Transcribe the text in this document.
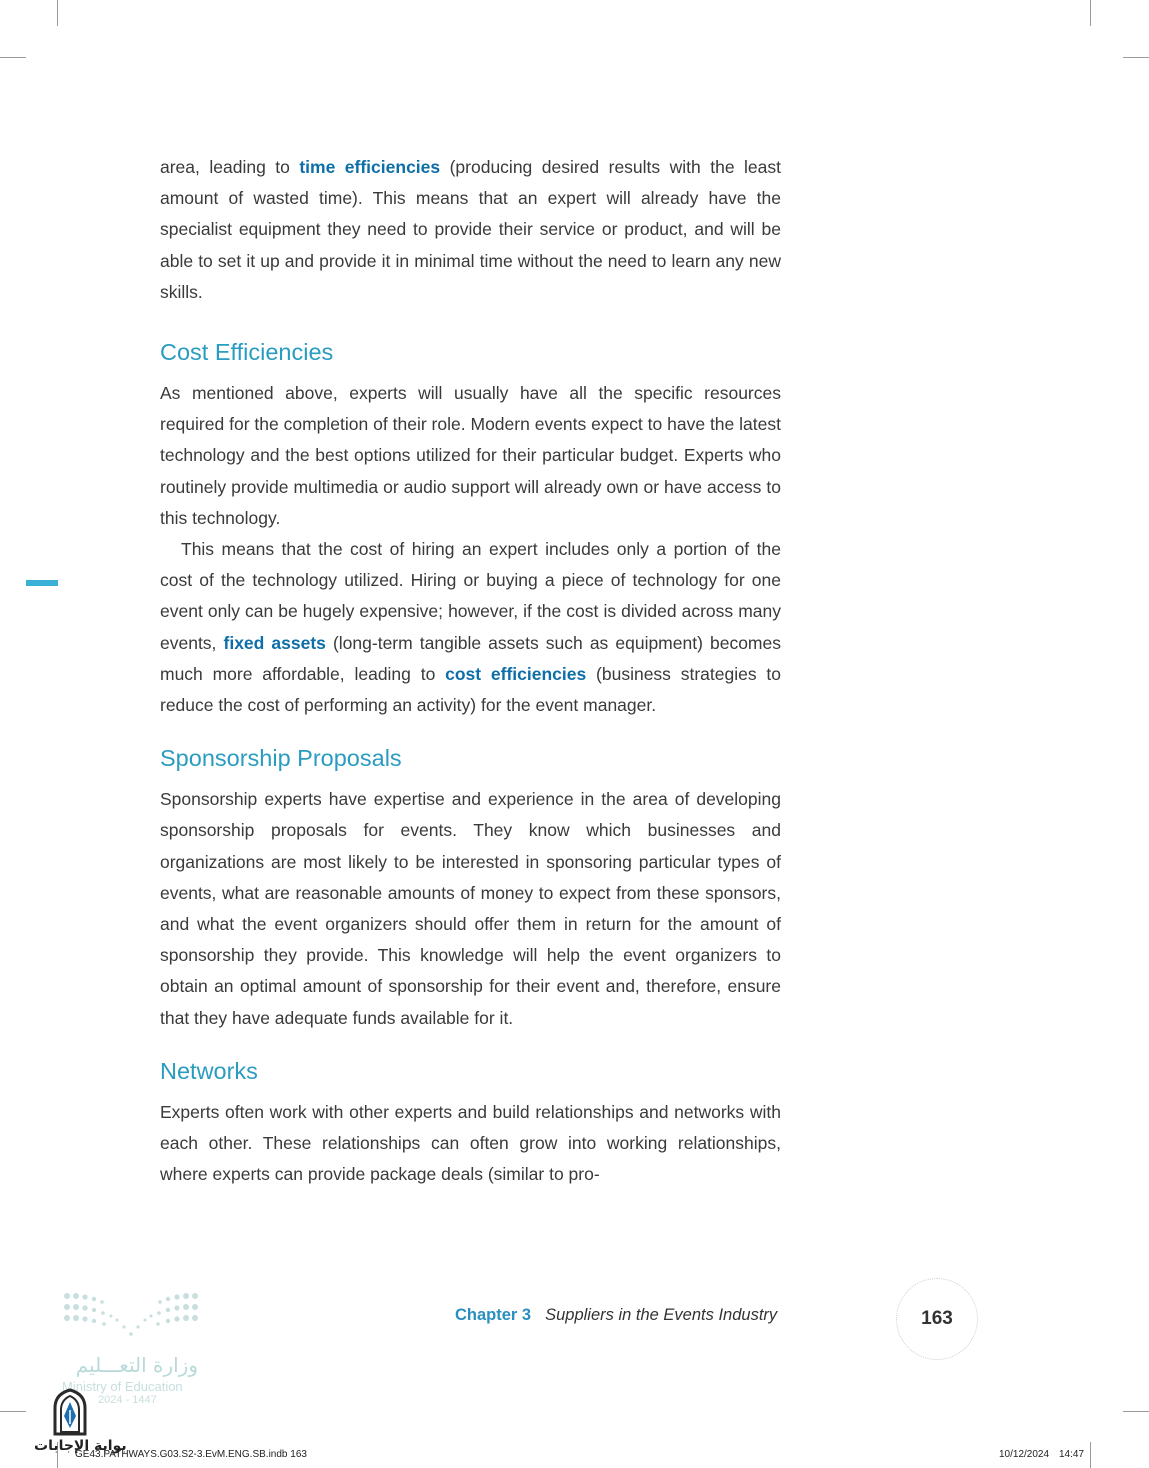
area, leading to time efficiencies (producing desired results with the least amount of wasted time). This means that an expert will already have the specialist equipment they need to provide their service or product, and will be able to set it up and provide it in minimal time without the need to learn any new skills.

Cost Efficiencies

As mentioned above, experts will usually have all the specific resources required for the completion of their role. Modern events expect to have the latest technology and the best options utilized for their particular budget. Experts who routinely provide multimedia or audio support will already own or have access to this technology.

This means that the cost of hiring an expert includes only a portion of the cost of the technology utilized. Hiring or buying a piece of technology for one event only can be hugely expensive; however, if the cost is divided across many events, fixed assets (long-term tangible assets such as equipment) becomes much more affordable, leading to cost efficiencies (business strategies to reduce the cost of performing an activity) for the event manager.

Sponsorship Proposals

Sponsorship experts have expertise and experience in the area of developing sponsorship proposals for events. They know which businesses and organizations are most likely to be interested in sponsoring particular types of events, what are reasonable amounts of money to expect from these sponsors, and what the event organizers should offer them in return for the amount of sponsorship they provide. This knowledge will help the event organizers to obtain an optimal amount of sponsorship for their event and, therefore, ensure that they have adequate funds available for it.

Networks

Experts often work with other experts and build relationships and networks with each other. These relationships can often grow into working relationships, where experts can provide package deals (similar to pro-

Chapter 3 Suppliers in the Events Industry	163
وزارة التعـــليم
Ministry of Education
2024 - 1447
بوابة الإجابات
GE43.PATHWAYS.G03.S2-3.EvM.ENG.SB.indb 163	10/12/2024 14:47
